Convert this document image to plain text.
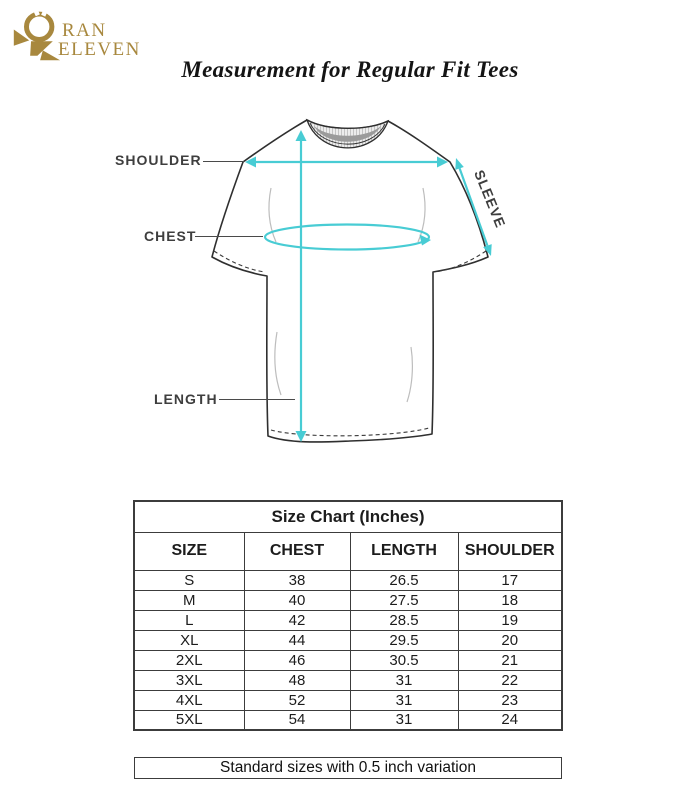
RAN
ELEVEN
Measurement for Regular Fit Tees
SHOULDER
CHEST
LENGTH
SLEEVE
Size Chart (Inches)			
SIZE	CHEST	LENGTH	SHOULDER
S	38	26.5	17
M	40	27.5	18
L	42	28.5	19
XL	44	29.5	20
2XL	46	30.5	21
3XL	48	31	22
4XL	52	31	23
5XL	54	31	24
Standard sizes with 0.5 inch variation
